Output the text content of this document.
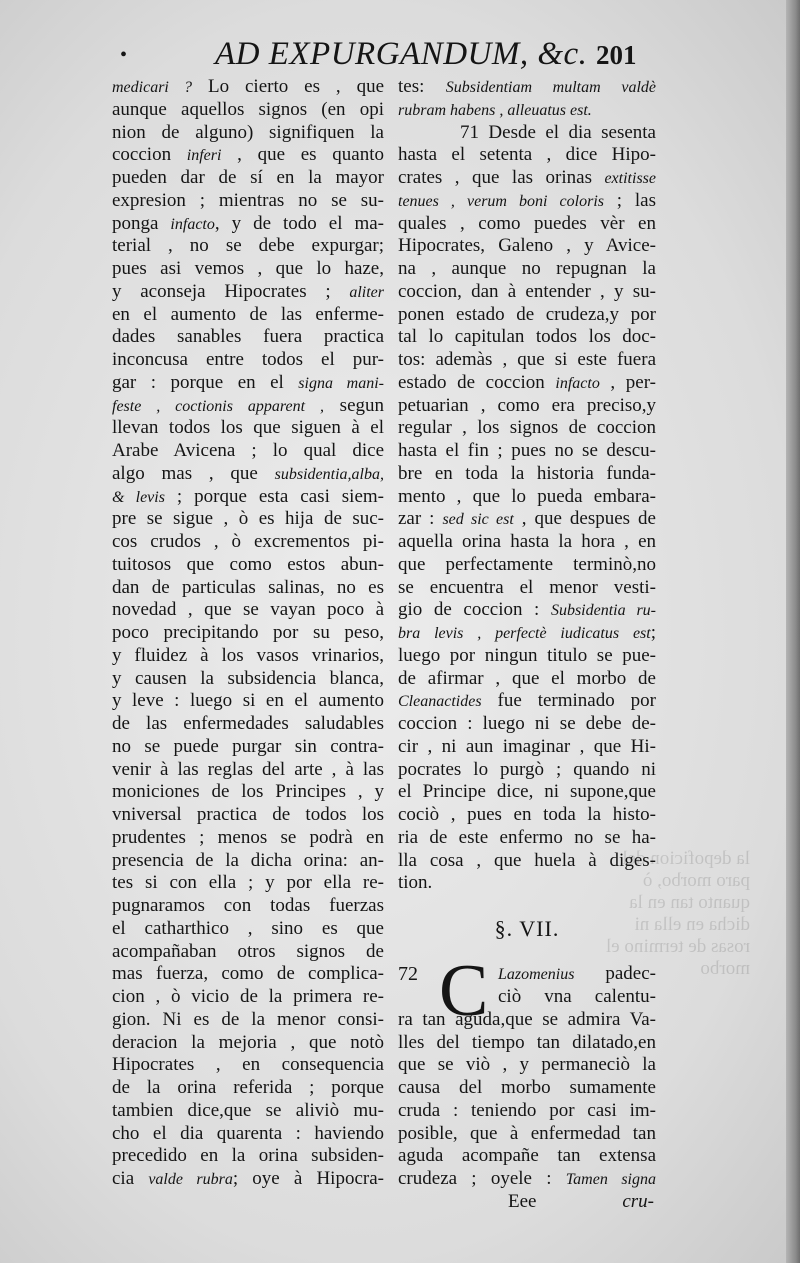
la depoficion del paro morbo, ò quanto tan en la dicha en ella ni rosas de termino el morbo
•	AD EXPURGANDUM, &c. 201
medicari ? Lo cierto es , que
aunque aquellos signos (en opi
nion de alguno) signifiquen la
coccion inferi , que es quanto
pueden dar de sí en la mayor
expresion ; mientras no se su-
ponga infacto, y de todo el ma-
terial , no se debe expurgar;
pues asi vemos , que lo haze,
y aconseja Hipocrates ; aliter
en el aumento de las enferme-
dades sanables fuera practica
inconcusa entre todos el pur-
gar : porque en el signa mani-
feste , coctionis apparent , segun
llevan todos los que siguen à el
Arabe Avicena ; lo qual dice
algo mas , que subsidentia,alba,
& levis ; porque esta casi siem-
pre se sigue , ò es hija de suc-
cos crudos , ò excrementos pi-
tuitosos que como estos abun-
dan de particulas salinas, no es
novedad , que se vayan poco à
poco precipitando por su peso,
y fluidez à los vasos vrinarios,
y causen la subsidencia blanca,
y leve : luego si en el aumento
de las enfermedades saludables
no se puede purgar sin contra-
venir à las reglas del arte , à las
moniciones de los Principes , y
vniversal practica de todos los
prudentes ; menos se podrà en
presencia de la dicha orina: an-
tes si con ella ; y por ella re-
pugnaramos con todas fuerzas
el catharthico , sino es que
acompañaban otros signos de
mas fuerza, como de complica-
cion , ò vicio de la primera re-
gion. Ni es de la menor consi-
deracion la mejoria , que notò
Hipocrates , en consequencia
de la orina referida ; porque
tambien dice,que se aliviò mu-
cho el dia quarenta : haviendo
precedido en la orina subsiden-
cia valde rubra; oye à Hipocra-
tes: Subsidentiam multam valdè
rubram habens , alleuatus est.
71 Desde el dia sesenta
hasta el setenta , dice Hipo-
crates , que las orinas extitisse
tenues , verum boni coloris ; las
quales , como puedes vèr en
Hipocrates, Galeno , y Avice-
na , aunque no repugnan la
coccion, dan à entender , y su-
ponen estado de crudeza,y por
tal lo capitulan todos los doc-
tos: ademàs , que si este fuera
estado de coccion infacto , per-
petuarian , como era preciso,y
regular , los signos de coccion
hasta el fin ; pues no se descu-
bre en toda la historia funda-
mento , que lo pueda embara-
zar : sed sic est , que despues de
aquella orina hasta la hora , en
que perfectamente terminò,no
se encuentra el menor vesti-
gio de coccion : Subsidentia ru-
bra levis , perfectè iudicatus est;
luego por ningun titulo se pue-
de afirmar , que el morbo de
Cleanactides fue terminado por
coccion : luego ni se debe de-
cir , ni aun imaginar , que Hi-
pocrates lo purgò ; quando ni
el Principe dice, ni supone,que
cociò , pues en toda la histo-
ria de este enfermo no se ha-
lla cosa , que huela à diges-
tion.
§. VII.
72 C Lazomenius padec-
ciò vna calentu-
ra tan aguda,que se admira Va-
lles del tiempo tan dilatado,en
que se viò , y permaneciò la
causa del morbo sumamente
cruda : teniendo por casi im-
posible, que à enfermedad tan
aguda acompañe tan extensa
crudeza ; oyele : Tamen signa
Eee	cru-
